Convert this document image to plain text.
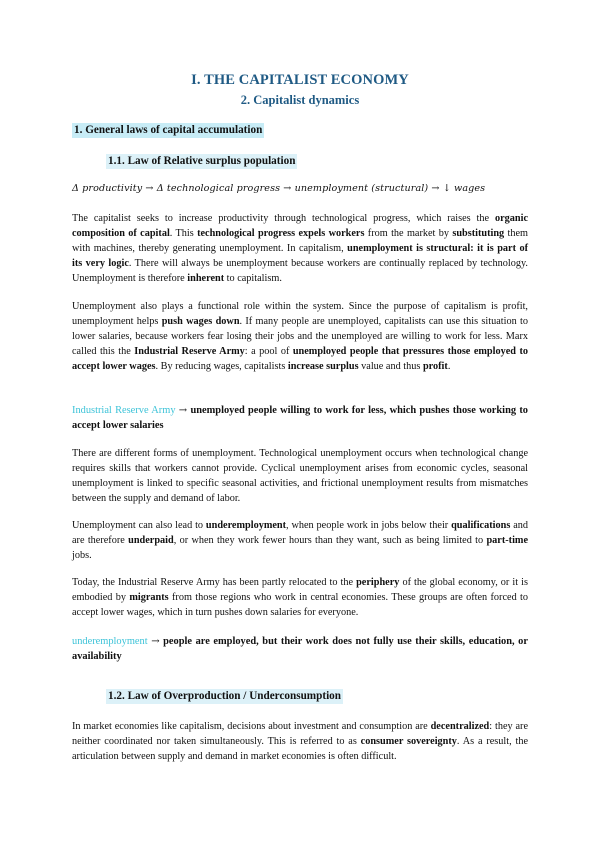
I. THE CAPITALIST ECONOMY
2. Capitalist dynamics
1. General laws of capital accumulation
1.1. Law of Relative surplus population
Δ productivity → Δ technological progress → unemployment (structural) → ↓ wages

The capitalist seeks to increase productivity through technological progress, which raises the organic composition of capital. This technological progress expels workers from the market by substituting them with machines, thereby generating unemployment. In capitalism, unemployment is structural: it is part of its very logic. There will always be unemployment because workers are continually replaced by technology. Unemployment is therefore inherent to capitalism.

Unemployment also plays a functional role within the system. Since the purpose of capitalism is profit, unemployment helps push wages down. If many people are unemployed, capitalists can use this situation to lower salaries, because workers fear losing their jobs and the unemployed are willing to work for less. Marx called this the Industrial Reserve Army: a pool of unemployed people that pressures those employed to accept lower wages. By reducing wages, capitalists increase surplus value and thus profit.

Industrial Reserve Army → unemployed people willing to work for less, which pushes those working to accept lower salaries

There are different forms of unemployment. Technological unemployment occurs when technological change requires skills that workers cannot provide. Cyclical unemployment arises from economic cycles, seasonal unemployment is linked to specific seasonal activities, and frictional unemployment results from mismatches between the supply and demand of labor.

Unemployment can also lead to underemployment, when people work in jobs below their qualifications and are therefore underpaid, or when they work fewer hours than they want, such as being limited to part-time jobs.

Today, the Industrial Reserve Army has been partly relocated to the periphery of the global economy, or it is embodied by migrants from those regions who work in central economies. These groups are often forced to accept lower wages, which in turn pushes down salaries for everyone.

underemployment → people are employed, but their work does not fully use their skills, education, or availability

1.2. Law of Overproduction / Underconsumption

In market economies like capitalism, decisions about investment and consumption are decentralized: they are neither coordinated nor taken simultaneously. This is referred to as consumer sovereignty. As a result, the articulation between supply and demand in market economies is often difficult.
